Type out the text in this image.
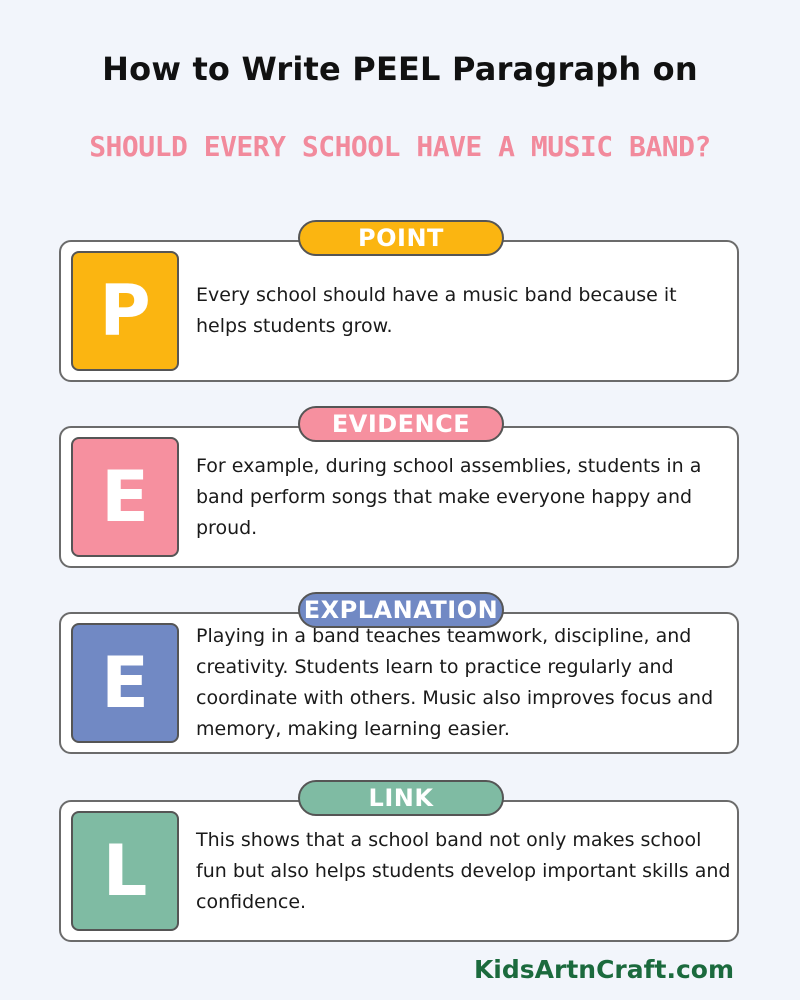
How to Write PEEL Paragraph on
SHOULD EVERY SCHOOL HAVE A MUSIC BAND?
POINT
P	Every school should have a music band because it helps students grow.
EVIDENCE
E	For example, during school assemblies, students in a band perform songs that make everyone happy and proud.
EXPLANATION
E
Playing in a band teaches teamwork, discipline, and creativity. Students learn to practice regularly and coordinate with others. Music also improves focus and memory, making learning easier.
LINK
L	This shows that a school band not only makes school fun but also helps students develop important skills and confidence.
KidsArtnCraft.com
